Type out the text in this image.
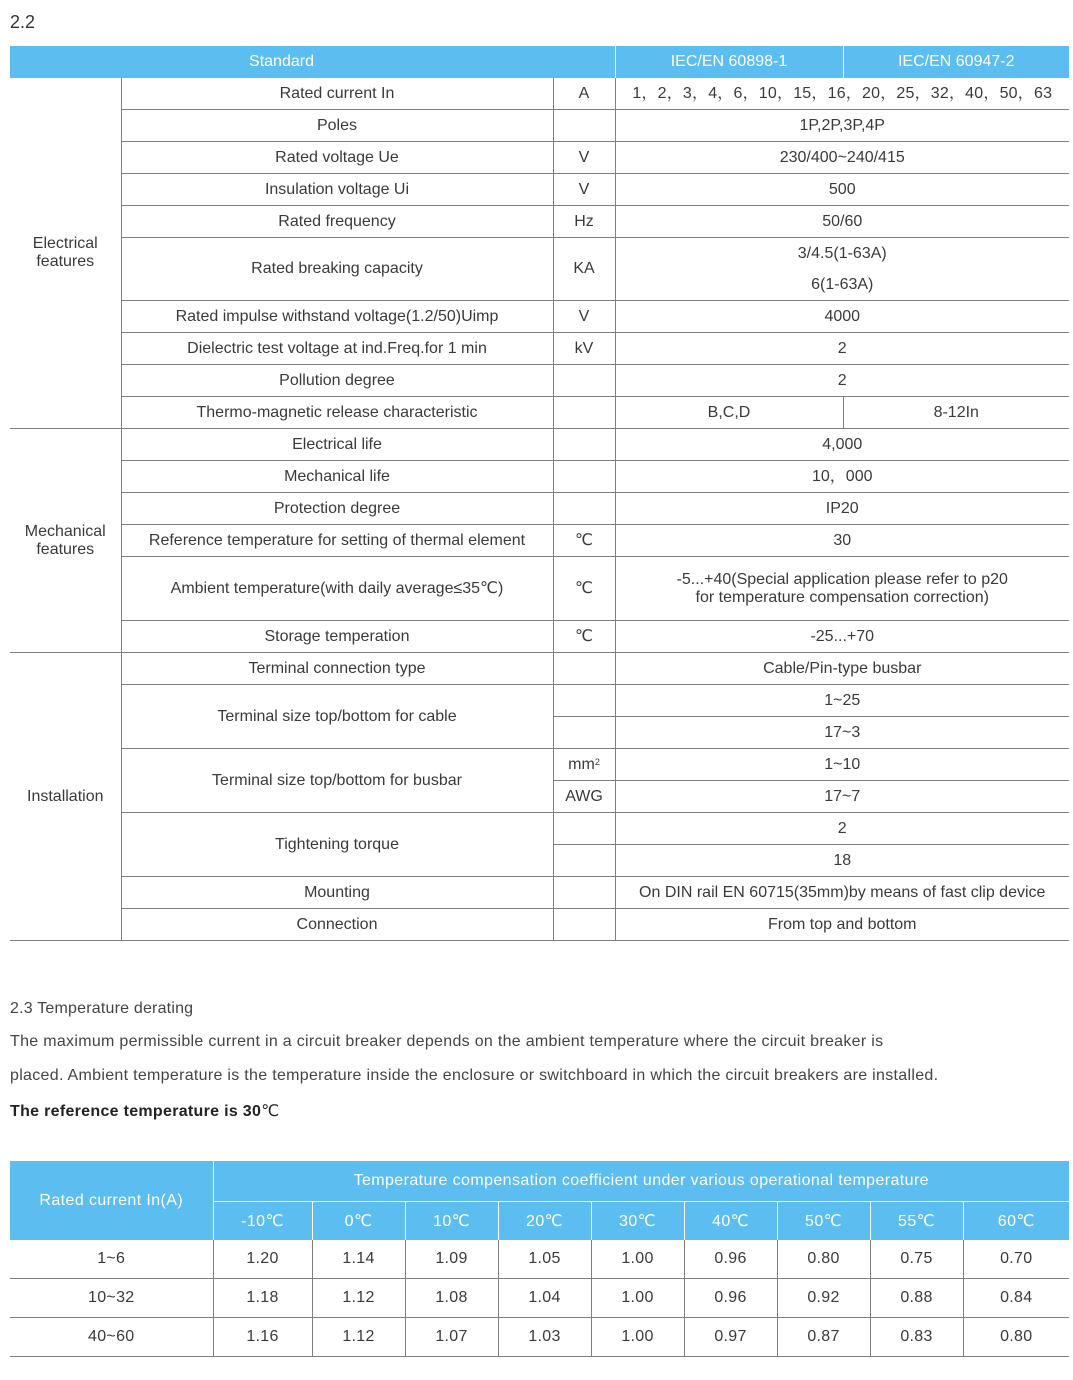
2.2
Standard			IEC/EN 60898-1	IEC/EN 60947-2

Electrical features	Rated current In	A	1，2，3，4，6，10，15，16，20，25，32，40，50，63	
	Poles		1P,2P,3P,4P	
	Rated voltage Ue	V	230/400~240/415	
	Insulation voltage Ui	V	500	
	Rated frequency	Hz	50/60	
	Rated breaking capacity	KA	3/4.5(1-63A)	
			6(1-63A)	
	Rated impulse withstand voltage(1.2/50)Uimp	V	4000	
	Dielectric test voltage at ind.Freq.for 1 min	kV	2	
	Pollution degree		2	
	Thermo-magnetic release characteristic		B,C,D	8-12In

Mechanical features	Electrical life		4,000	
	Mechanical life		10，000	
	Protection degree		IP20	
	Reference temperature for setting of thermal element	℃	30	
	Ambient temperature(with daily average≤35℃)	℃	-5...+40(Special application please refer to p20
for temperature compensation correction)	

	Storage temperation	℃	-25...+70	
Installation	Terminal connection type		Cable/Pin-type busbar	
	Terminal size top/bottom for cable		1~25	
			17~3	
	Terminal size top/bottom for busbar	$mm^2$	1~10	
		AWG	17~7	
	Tightening torque		2	
			18	
	Mounting		On DIN rail EN 60715(35mm)by means of fast clip device	
	Connection		From top and bottom	
2.3 Temperature derating
The maximum permissible current in a circuit breaker depends on the ambient temperature where the circuit breaker is
placed. Ambient temperature is the temperature inside the enclosure or switchboard in which the circuit breakers are installed.
The reference temperature is 30℃
Rated current In(A)	Temperature compensation coefficient under various operational temperature								
	-10℃	0℃	10℃	20℃	30℃	40℃	50℃	55℃	60℃
1~6	1.20	1.14	1.09	1.05	1.00	0.96	0.80	0.75	0.70
10~32	1.18	1.12	1.08	1.04	1.00	0.96	0.92	0.88	0.84
40~60	1.16	1.12	1.07	1.03	1.00	0.97	0.87	0.83	0.80
